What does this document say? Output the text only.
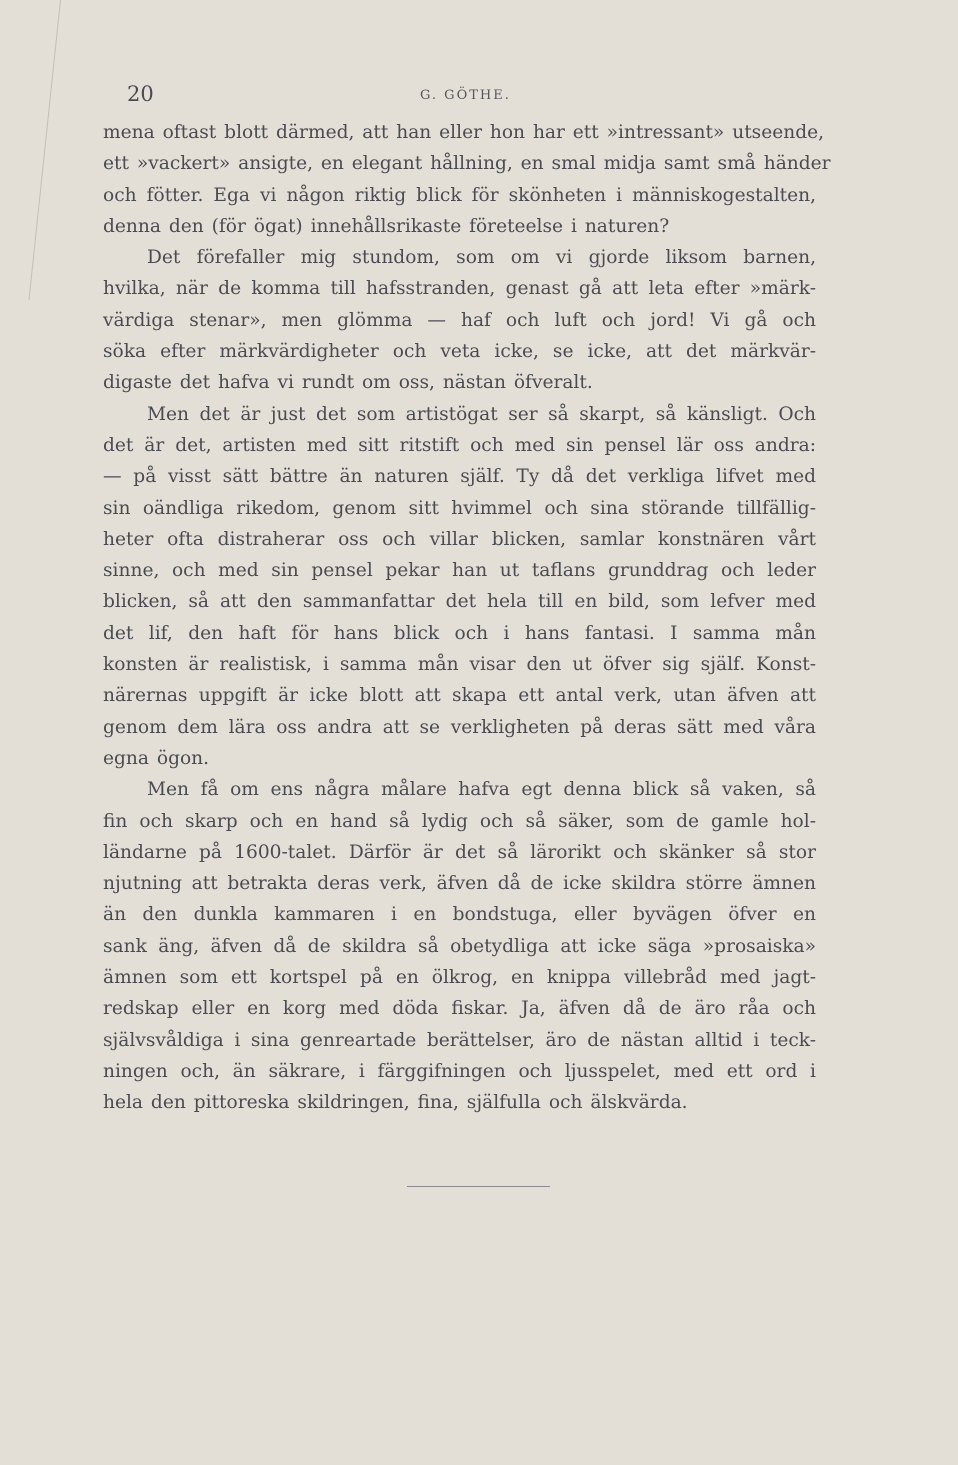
20	G. GÖTHE.
mena oftast blott därmed, att han eller hon har ett »intressant» utseende,
ett »vackert» ansigte, en elegant hållning, en smal midja samt små händer
och fötter. Ega vi någon riktig blick för skönheten i människogestalten,
denna den (för ögat) innehållsrikaste företeelse i naturen?
Det förefaller mig stundom, som om vi gjorde liksom barnen,
hvilka, när de komma till hafsstranden, genast gå att leta efter »märk-
värdiga stenar», men glömma — haf och luft och jord! Vi gå och
söka efter märkvärdigheter och veta icke, se icke, att det märkvär-
digaste det hafva vi rundt om oss, nästan öfveralt.
Men det är just det som artistögat ser så skarpt, så känsligt. Och
det är det, artisten med sitt ritstift och med sin pensel lär oss andra:
— på visst sätt bättre än naturen själf. Ty då det verkliga lifvet med
sin oändliga rikedom, genom sitt hvimmel och sina störande tillfällig-
heter ofta distraherar oss och villar blicken, samlar konstnären vårt
sinne, och med sin pensel pekar han ut taflans grunddrag och leder
blicken, så att den sammanfattar det hela till en bild, som lefver med
det lif, den haft för hans blick och i hans fantasi. I samma mån
konsten är realistisk, i samma mån visar den ut öfver sig själf. Konst-
närernas uppgift är icke blott att skapa ett antal verk, utan äfven att
genom dem lära oss andra att se verkligheten på deras sätt med våra
egna ögon.
Men få om ens några målare hafva egt denna blick så vaken, så
fin och skarp och en hand så lydig och så säker, som de gamle hol-
ländarne på 1600-talet. Därför är det så lärorikt och skänker så stor
njutning att betrakta deras verk, äfven då de icke skildra större ämnen
än den dunkla kammaren i en bondstuga, eller byvägen öfver en
sank äng, äfven då de skildra så obetydliga att icke säga »prosaiska»
ämnen som ett kortspel på en ölkrog, en knippa villebråd med jagt-
redskap eller en korg med döda fiskar. Ja, äfven då de äro råa och
självsvåldiga i sina genreartade berättelser, äro de nästan alltid i teck-
ningen och, än säkrare, i färggifningen och ljusspelet, med ett ord i
hela den pittoreska skildringen, fina, själfulla och älskvärda.
